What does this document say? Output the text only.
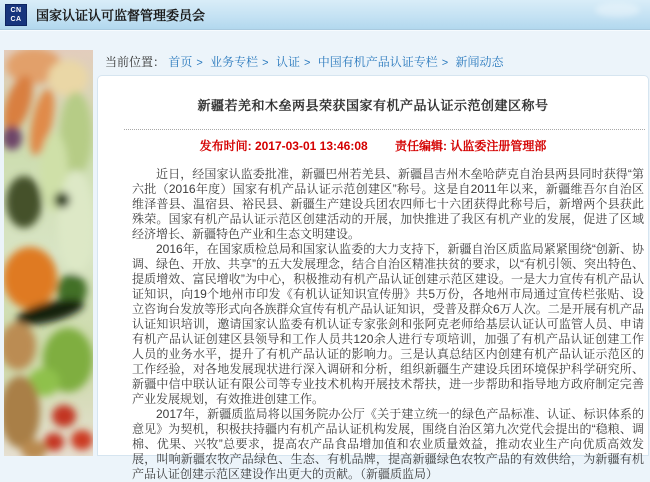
CN
CA 国家认证认可监督管理委员会
当前位置： 首页 > 业务专栏 > 认证 > 中国有机产品认证专栏 > 新闻动态
新疆若羌和木垒两县荣获国家有机产品认证示范创建区称号
发布时间: 2017-03-01 13:46:08 责任编辑: 认监委注册管理部

近日，经国家认监委批准，新疆巴州若羌县、新疆昌吉州木垒哈萨克自治县两县同时获得“第六批（2016年度）国家有机产品认证示范创建区”称号。这是自2011年以来，新疆维吾尔自治区维泽普县、温宿县、裕民县、新疆生产建设兵团农四师七十六团获得此称号后，新增两个县获此殊荣。国家有机产品认证示范区创建活动的开展，加快推进了我区有机产业的发展，促进了区域经济增长、新疆特色产业和生态文明建设。

2016年，在国家质检总局和国家认监委的大力支持下，新疆自治区质监局紧紧围绕“创新、协调、绿色、开放、共享”的五大发展理念，结合自治区精准扶贫的要求，以“有机引领、突出特色、提质增效、富民增收”为中心，积极推动有机产品认证创建示范区建设。一是大力宣传有机产品认证知识，向19个地州市印发《有机认证知识宣传册》共5万份，各地州市局通过宣传栏张贴、设立咨询台发放等形式向各族群众宣传有机产品认证知识，受普及群众6万人次。二是开展有机产品认证知识培训，邀请国家认监委有机认证专家张剑和张阿克老师给基层认证认可监管人员、申请有机产品认证创建区县领导和工作人员共120余人进行专项培训，加强了有机产品认证创建工作人员的业务水平，提升了有机产品认证的影响力。三是认真总结区内创建有机产品认证示范区的工作经验，对各地发展现状进行深入调研和分析，组织新疆生产建设兵团环境保护科学研究所、新疆中信中联认证有限公司等专业技术机构开展技术帮扶，进一步帮助和指导地方政府制定完善产业发展规划，有效推进创建工作。

2017年，新疆质监局将以国务院办公厅《关于建立统一的绿色产品标准、认证、标识体系的意见》为契机，积极扶持疆内有机产品认证机构发展，围绕自治区第九次党代会提出的“稳粮、调棉、优果、兴牧”总要求，提高农产品食品增加值和农业质量效益，推动农业生产向优质高效发展，叫响新疆农牧产品绿色、生态、有机品牌，提高新疆绿色农牧产品的有效供给，为新疆有机产品认证创建示范区建设作出更大的贡献。（新疆质监局）
